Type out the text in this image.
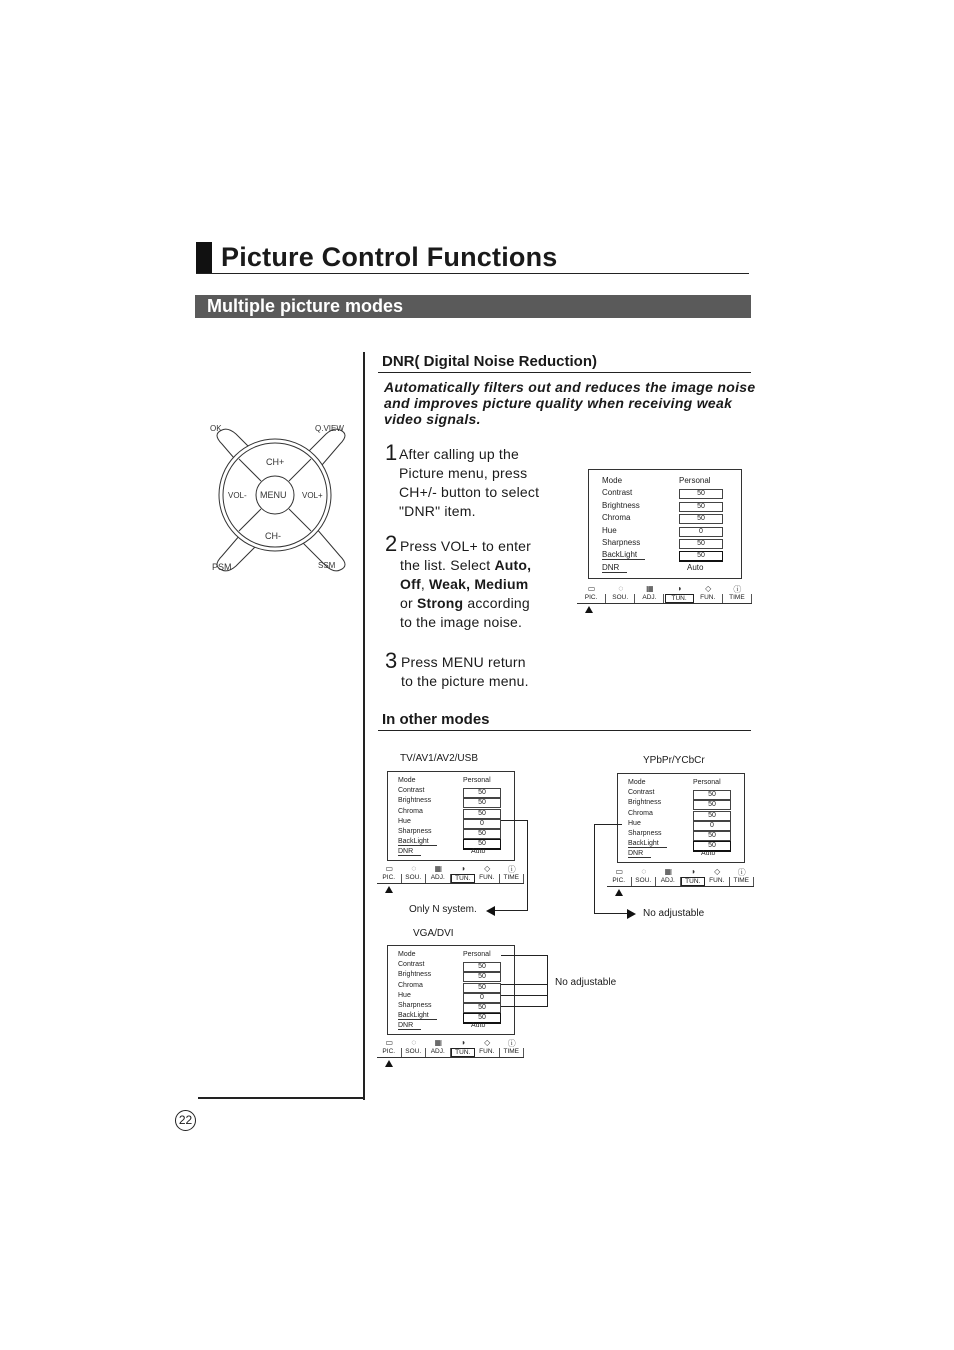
Picture Control Functions
Multiple picture modes
OK	Q.VIEW
CH+
VOL- MENU VOL+
CH-
PSM	SSM
DNR( Digital Noise Reduction)
Automatically filters out and reduces the image noise and improves picture quality when receiving weak video signals.
1 After calling up the
Picture menu, press
CH+/- button to select
"DNR" item.
2 Press VOL+ to enter
the list. Select Auto,
Off, Weak, Medium
or Strong according
to the image noise.
3 Press MENU return
to the picture menu.
In other modes
TV/AV1/AV2/USB	YPbPr/YCbCr
VGA/DVI
Only N system.	No adjustable
No adjustable
Mode	Personal
Contrast	50
Brightness	50
Chroma	50
Hue	0
Sharpness	50
BackLight	50
DNR	Auto
▭
PIC.
◌
SOU.
▦
ADJ.
◑
TUN.
◇
FUN.
ⓘ
TIME
Mode	Personal
Contrast	50
Brightness	50
Chroma	50
Hue	0
Sharpness	50
BackLight	50
DNR	Auto
▭
PIC.
◌
SOU.
▦
ADJ.
◑
TUN.
◇
FUN.
ⓘ
TIME
Mode	Personal
Contrast	50
Brightness	50
Chroma	50
Hue	0
Sharpness	50
BackLight	50
DNR	Auto
▭
PIC.
◌
SOU.
▦
ADJ.
◑
TUN.
◇
FUN.
ⓘ
TIME
Mode	Personal
Contrast	50
Brightness	50
Chroma	50
Hue	0
Sharpness	50
BackLight	50
DNR	Auto
▭
PIC.
◌
SOU.
▦
ADJ.
◑
TUN.
◇
FUN.
ⓘ
TIME
22
